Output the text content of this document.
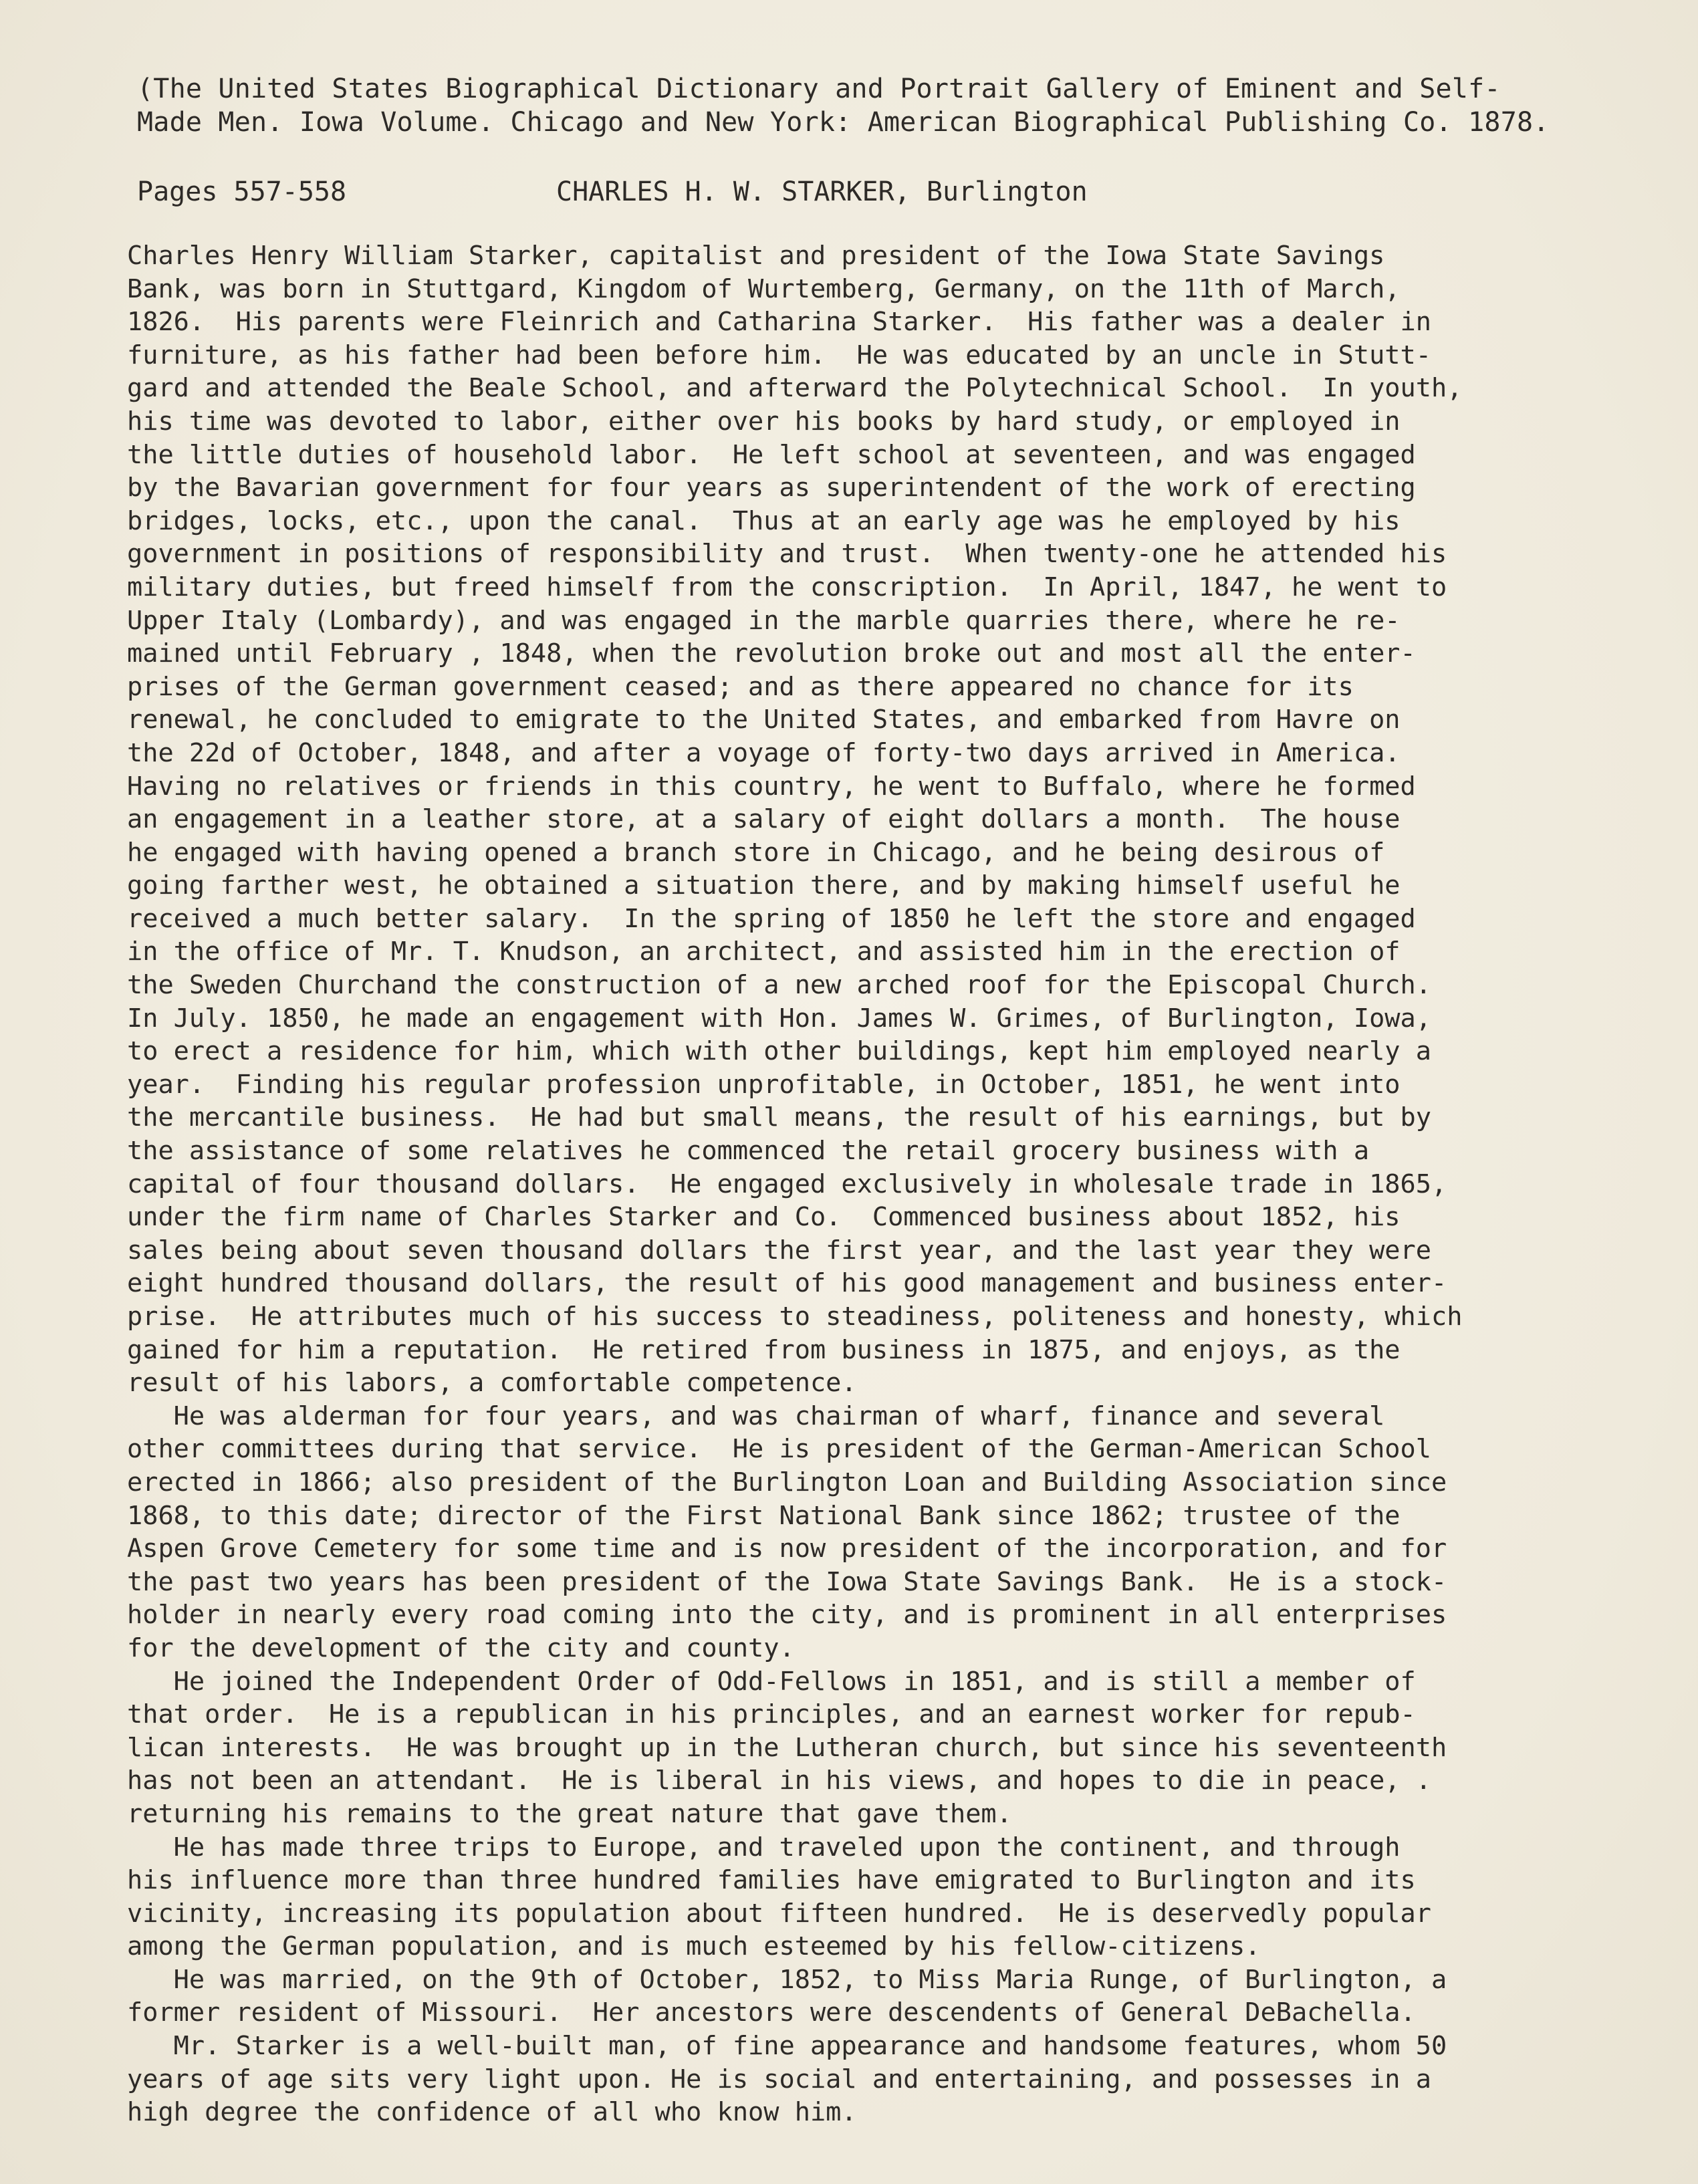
(The United States Biographical Dictionary and Portrait Gallery of Eminent and Self-

Made Men. Iowa Volume. Chicago and New York: American Biographical Publishing Co. 1878.

Pages 557-558	CHARLES H. W. STARKER, Burlington
Charles Henry William Starker, capitalist and president of the Iowa State Savings
Bank, was born in Stuttgard, Kingdom of Wurtemberg, Germany, on the 11th of March,
1826.  His parents were Fleinrich and Catharina Starker.  His father was a dealer in
furniture, as his father had been before him.  He was educated by an uncle in Stutt-
gard and attended the Beale School, and afterward the Polytechnical School.  In youth,
his time was devoted to labor, either over his books by hard study, or employed in
the little duties of household labor.  He left school at seventeen, and was engaged
by the Bavarian government for four years as superintendent of the work of erecting
bridges, locks, etc., upon the canal.  Thus at an early age was he employed by his
government in positions of responsibility and trust.  When twenty-one he attended his
military duties, but freed himself from the conscription.  In April, 1847, he went to
Upper Italy (Lombardy), and was engaged in the marble quarries there, where he re-
mained until February , 1848, when the revolution broke out and most all the enter-
prises of the German government ceased; and as there appeared no chance for its
renewal, he concluded to emigrate to the United States, and embarked from Havre on
the 22d of October, 1848, and after a voyage of forty-two days arrived in America.
Having no relatives or friends in this country, he went to Buffalo, where he formed
an engagement in a leather store, at a salary of eight dollars a month.  The house
he engaged with having opened a branch store in Chicago, and he being desirous of
going farther west, he obtained a situation there, and by making himself useful he
received a much better salary.  In the spring of 1850 he left the store and engaged
in the office of Mr. T. Knudson, an architect, and assisted him in the erection of
the Sweden Churchand the construction of a new arched roof for the Episcopal Church.
In July. 1850, he made an engagement with Hon. James W. Grimes, of Burlington, Iowa,
to erect a residence for him, which with other buildings, kept him employed nearly a
year.  Finding his regular profession unprofitable, in October, 1851, he went into
the mercantile business.  He had but small means, the result of his earnings, but by
the assistance of some relatives he commenced the retail grocery business with a
capital of four thousand dollars.  He engaged exclusively in wholesale trade in 1865,
under the firm name of Charles Starker and Co.  Commenced business about 1852, his
sales being about seven thousand dollars the first year, and the last year they were
eight hundred thousand dollars, the result of his good management and business enter-
prise.  He attributes much of his success to steadiness, politeness and honesty, which
gained for him a reputation.  He retired from business in 1875, and enjoys, as the
result of his labors, a comfortable competence.
He was alderman for four years, and was chairman of wharf, finance and several
other committees during that service.  He is president of the German-American School
erected in 1866; also president of the Burlington Loan and Building Association since
1868, to this date; director of the First National Bank since 1862; trustee of the
Aspen Grove Cemetery for some time and is now president of the incorporation, and for
the past two years has been president of the Iowa State Savings Bank.  He is a stock-
holder in nearly every road coming into the city, and is prominent in all enterprises
for the development of the city and county.
He joined the Independent Order of Odd-Fellows in 1851, and is still a member of
that order.  He is a republican in his principles, and an earnest worker for repub-
lican interests.  He was brought up in the Lutheran church, but since his seventeenth
has not been an attendant.  He is liberal in his views, and hopes to die in peace, .
returning his remains to the great nature that gave them.
He has made three trips to Europe, and traveled upon the continent, and through
his influence more than three hundred families have emigrated to Burlington and its
vicinity, increasing its population about fifteen hundred.  He is deservedly popular
among the German population, and is much esteemed by his fellow-citizens.
He was married, on the 9th of October, 1852, to Miss Maria Runge, of Burlington, a
former resident of Missouri.  Her ancestors were descendents of General DeBachella.
Mr. Starker is a well-built man, of fine appearance and handsome features, whom 50
years of age sits very light upon. He is social and entertaining, and possesses in a
high degree the confidence of all who know him.
